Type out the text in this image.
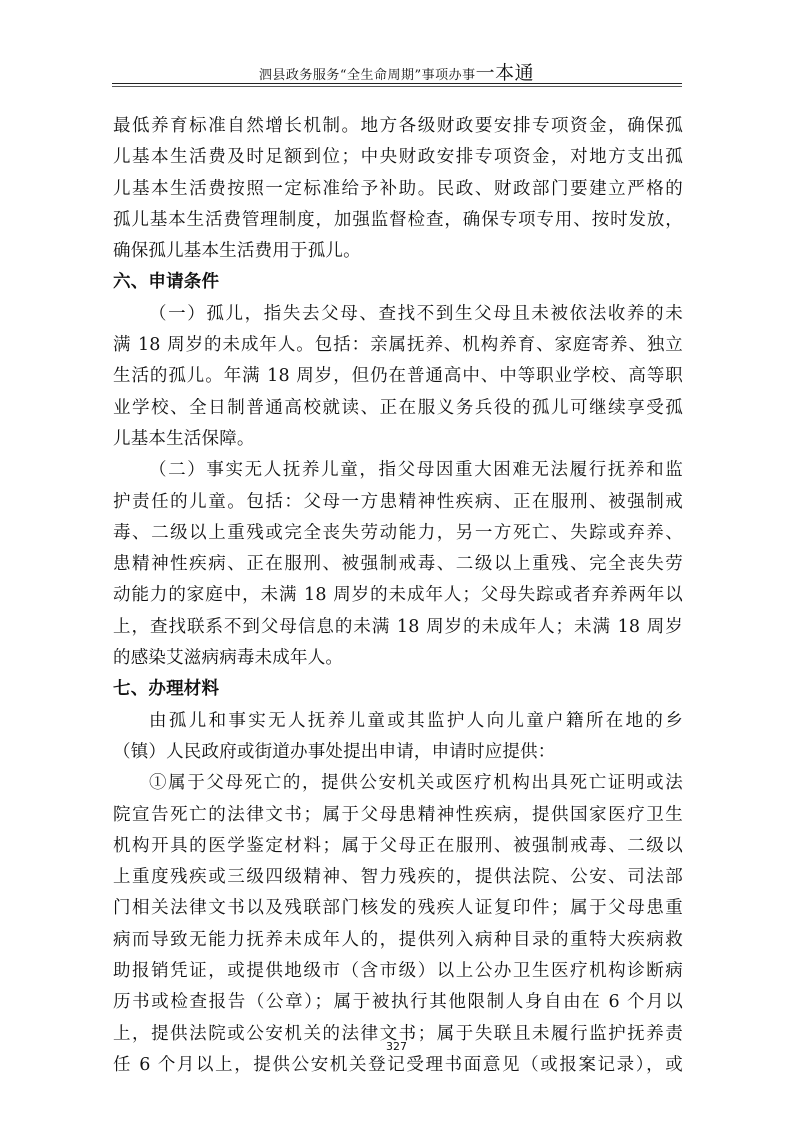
泗县政务服务“全生命周期”事项办事一本通
最低养育标准自然增长机制。地方各级财政要安排专项资金，确保孤
儿基本生活费及时足额到位；中央财政安排专项资金，对地方支出孤
儿基本生活费按照一定标准给予补助。民政、财政部门要建立严格的
孤儿基本生活费管理制度，加强监督检查，确保专项专用、按时发放，
确保孤儿基本生活费用于孤儿。
六、申请条件
（一）孤儿，指失去父母、查找不到生父母且未被依法收养的未
满 18 周岁的未成年人。包括：亲属抚养、机构养育、家庭寄养、独立
生活的孤儿。年满 18 周岁，但仍在普通高中、中等职业学校、高等职
业学校、全日制普通高校就读、正在服义务兵役的孤儿可继续享受孤
儿基本生活保障。
（二）事实无人抚养儿童，指父母因重大困难无法履行抚养和监
护责任的儿童。包括：父母一方患精神性疾病、正在服刑、被强制戒
毒、二级以上重残或完全丧失劳动能力，另一方死亡、失踪或弃养、
患精神性疾病、正在服刑、被强制戒毒、二级以上重残、完全丧失劳
动能力的家庭中，未满 18 周岁的未成年人；父母失踪或者弃养两年以
上，查找联系不到父母信息的未满 18 周岁的未成年人；未满 18 周岁
的感染艾滋病病毒未成年人。
七、办理材料
由孤儿和事实无人抚养儿童或其监护人向儿童户籍所在地的乡
（镇）人民政府或街道办事处提出申请，申请时应提供：
①属于父母死亡的，提供公安机关或医疗机构出具死亡证明或法
院宣告死亡的法律文书；属于父母患精神性疾病，提供国家医疗卫生
机构开具的医学鉴定材料；属于父母正在服刑、被强制戒毒、二级以
上重度残疾或三级四级精神、智力残疾的，提供法院、公安、司法部
门相关法律文书以及残联部门核发的残疾人证复印件；属于父母患重
病而导致无能力抚养未成年人的，提供列入病种目录的重特大疾病救
助报销凭证，或提供地级市（含市级）以上公办卫生医疗机构诊断病
历书或检查报告（公章）；属于被执行其他限制人身自由在 6 个月以
上，提供法院或公安机关的法律文书；属于失联且未履行监护抚养责
任 6 个月以上，提供公安机关登记受理书面意见（或报案记录），或
327
